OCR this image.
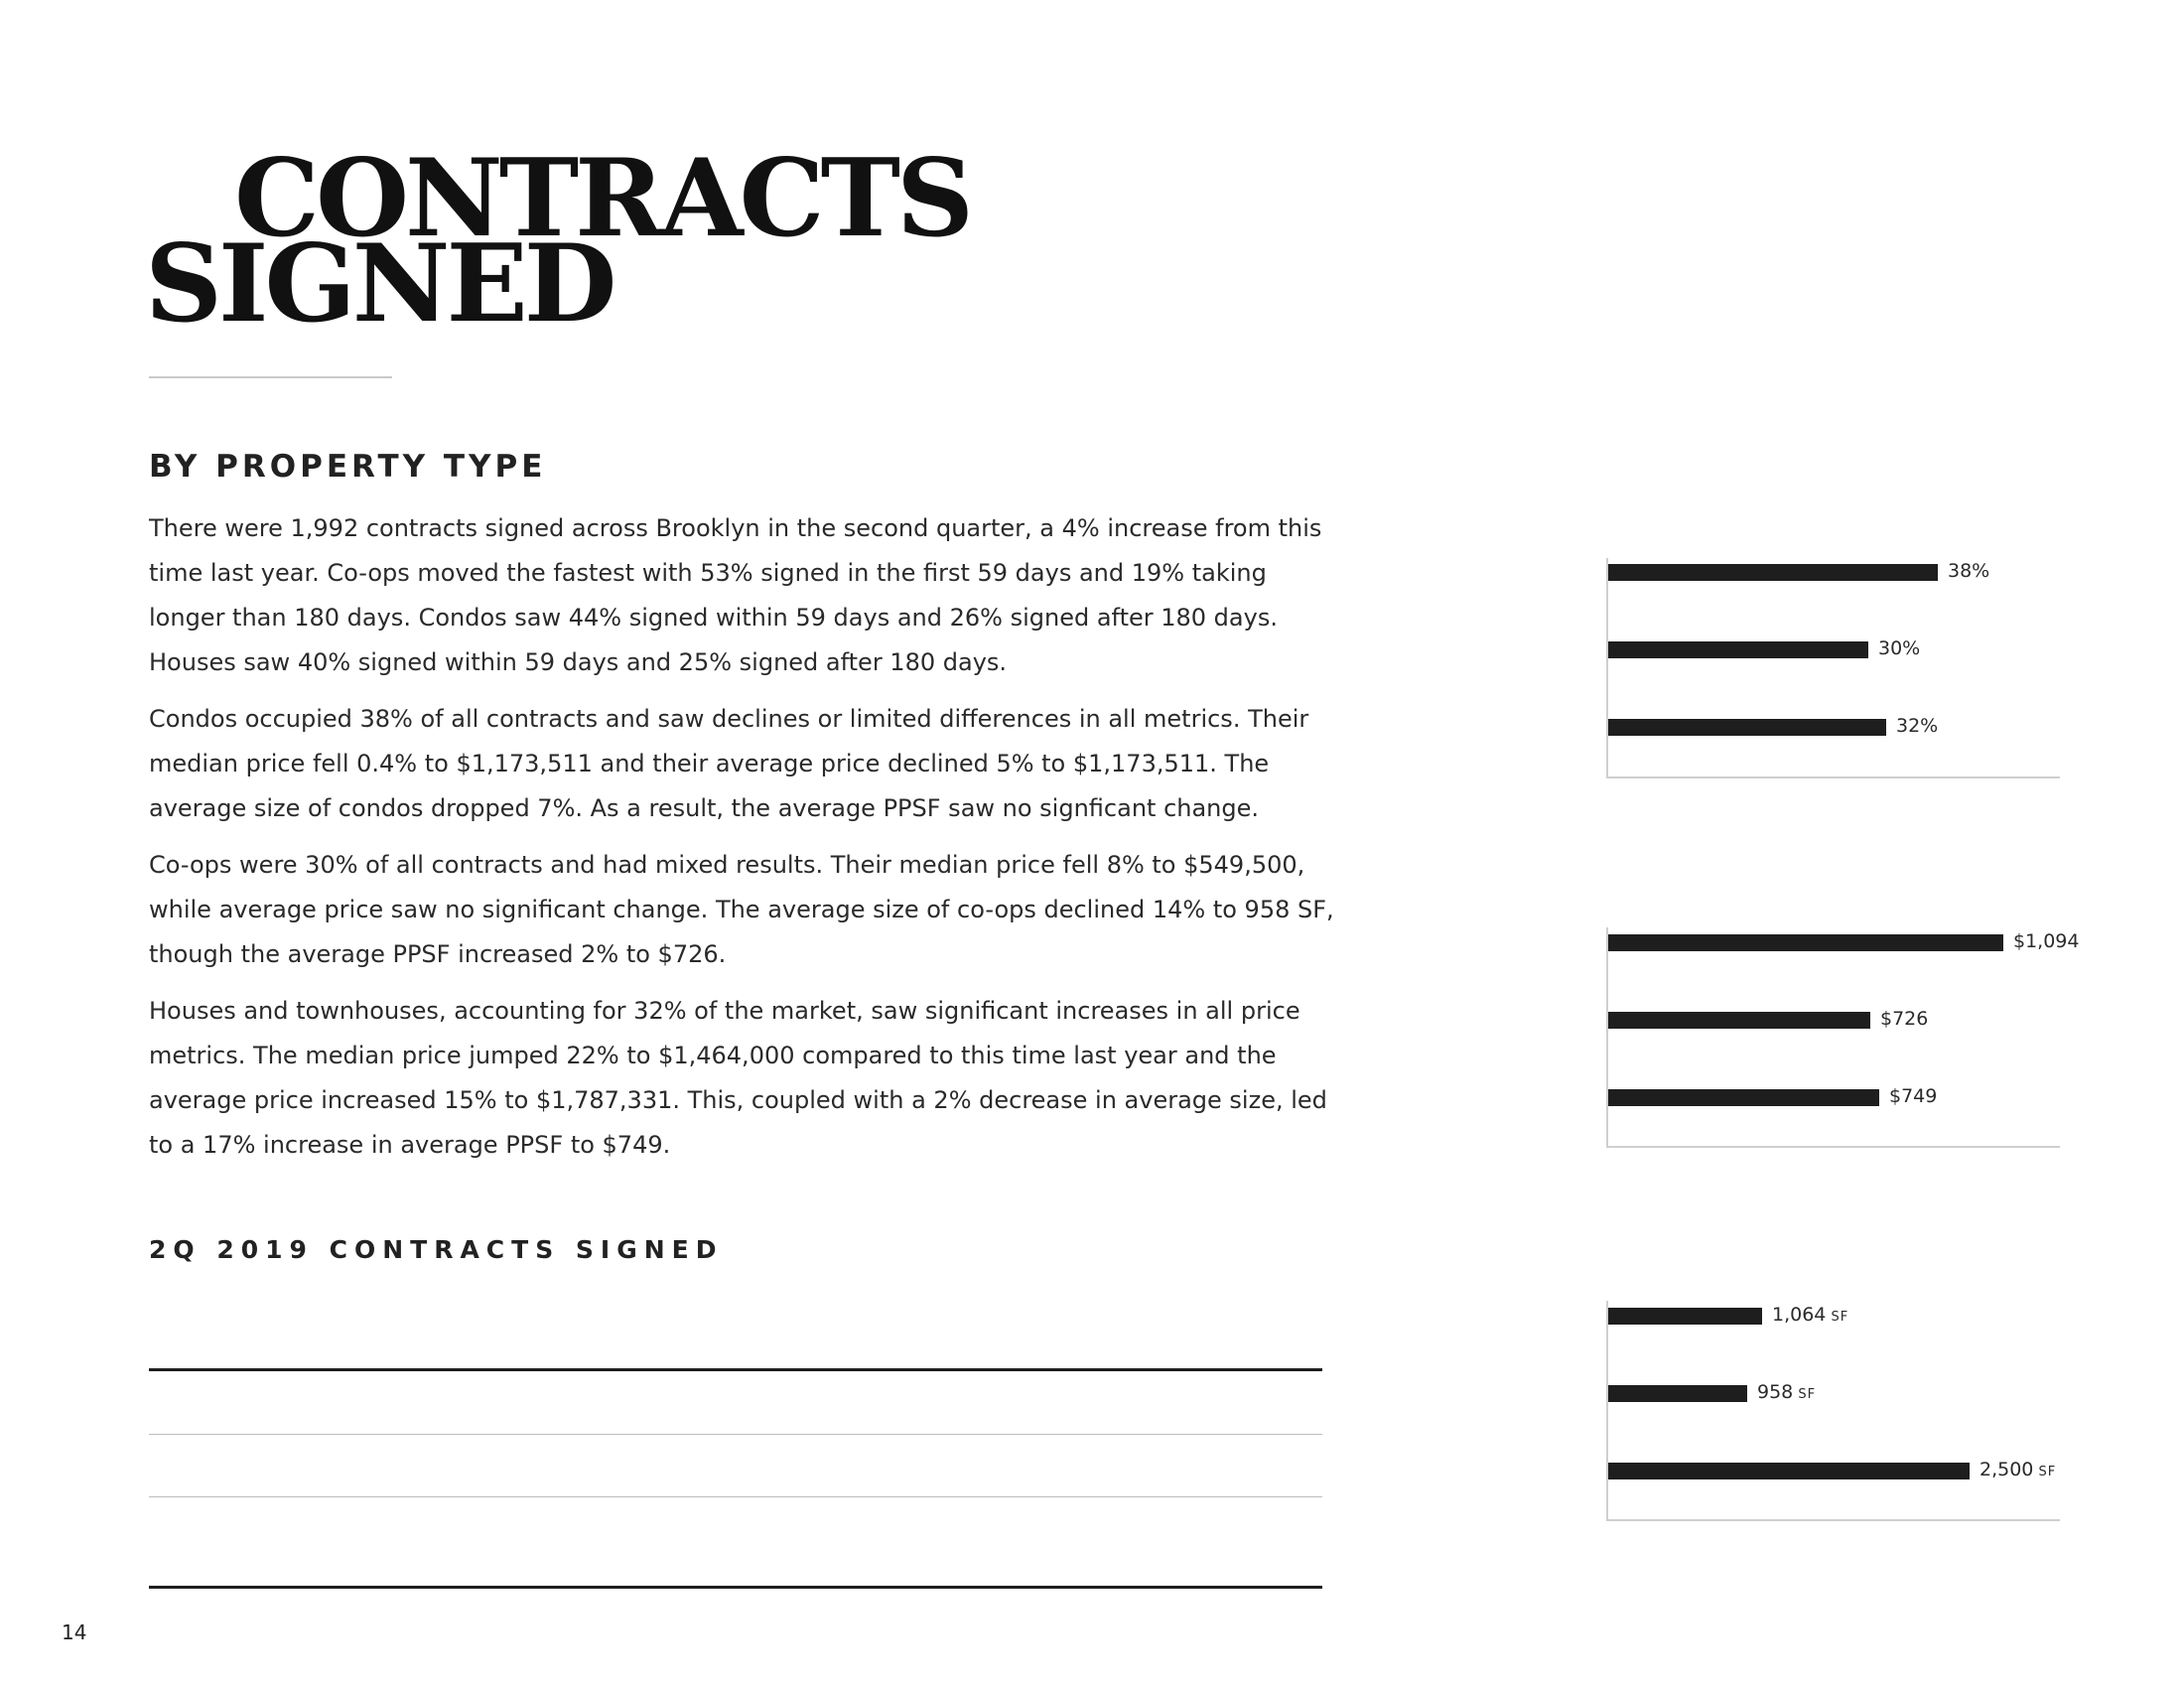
CONTRACTS
SIGNED
BY PROPERTY TYPE

There were 1,992 contracts signed across Brooklyn in the second quarter, a 4% increase from this time last year. Co-ops moved the fastest with 53% signed in the first 59 days and 19% taking longer than 180 days. Condos saw 44% signed within 59 days and 26% signed after 180 days. Houses saw 40% signed within 59 days and 25% signed after 180 days.

Condos occupied 38% of all contracts and saw declines or limited differences in all metrics. Their median price fell 0.4% to $1,173,511 and their average price declined 5% to $1,173,511. The average size of condos dropped 7%. As a result, the average PPSF saw no signficant change.

Co-ops were 30% of all contracts and had mixed results. Their median price fell 8% to $549,500, while average price saw no significant change. The average size of co-ops declined 14% to 958 SF, though the average PPSF increased 2% to $726.

Houses and townhouses, accounting for 32% of the market, saw significant increases in all price metrics. The median price jumped 22% to $1,464,000 compared to this time last year and the average price increased 15% to $1,787,331. This, coupled with a 2% decrease in average size, led to a 17% increase in average PPSF to $749.

38%
30%
32%
$1,094
$726
$749
1,064 SF
958 SF
2,500 SF
2Q 2019 CONTRACTS SIGNED
14
